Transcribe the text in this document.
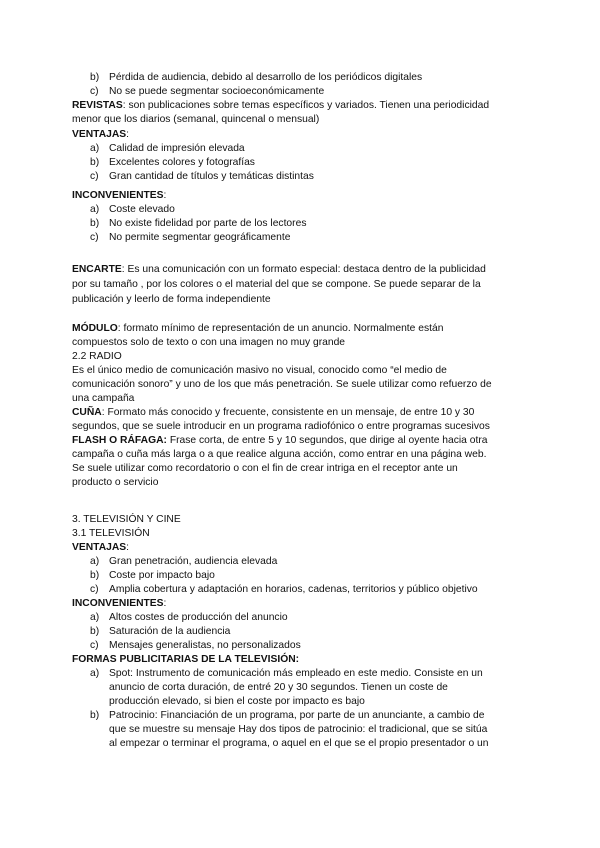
b) Pérdida de audiencia, debido al desarrollo de los periódicos digitales
c) No se puede segmentar socioeconómicamente
REVISTAS: son publicaciones sobre temas específicos y variados. Tienen una periodicidad
menor que los diarios (semanal, quincenal o mensual)
VENTAJAS:
a) Calidad de impresión elevada
b) Excelentes colores y fotografías
c) Gran cantidad de títulos y temáticas distintas
INCONVENIENTES:
a) Coste elevado
b) No existe fidelidad por parte de los lectores
c) No permite segmentar geográficamente
ENCARTE: Es una comunicación con un formato especial: destaca dentro de la publicidad
por su tamaño , por los colores o el material del que se compone. Se puede separar de la
publicación y leerlo de forma independiente
MÓDULO: formato mínimo de representación de un anuncio. Normalmente están
compuestos solo de texto o con una imagen no muy grande
2.2 RADIO
Es el único medio de comunicación masivo no visual, conocido como “el medio de
comunicación sonoro” y uno de los que más penetración. Se suele utilizar como refuerzo de
una campaña
CUÑA: Formato más conocido y frecuente, consistente en un mensaje, de entre 10 y 30
segundos, que se suele introducir en un programa radiofónico o entre programas sucesivos
FLASH O RÁFAGA: Frase corta, de entre 5 y 10 segundos, que dirige al oyente hacia otra
campaña o cuña más larga o a que realice alguna acción, como entrar en una página web.
Se suele utilizar como recordatorio o con el fin de crear intriga en el receptor ante un
producto o servicio
3. TELEVISIÓN Y CINE
3.1 TELEVISIÓN
VENTAJAS:
a) Gran penetración, audiencia elevada
b) Coste por impacto bajo
c) Amplia cobertura y adaptación en horarios, cadenas, territorios y público objetivo
INCONVENIENTES:
a) Altos costes de producción del anuncio
b) Saturación de la audiencia
c) Mensajes generalistas, no personalizados
FORMAS PUBLICITARIAS DE LA TELEVISIÓN:
a) Spot: Instrumento de comunicación más empleado en este medio. Consiste en un
anuncio de corta duración, de entré 20 y 30 segundos. Tienen un coste de
producción elevado, si bien el coste por impacto es bajo
b) Patrocinio: Financiación de un programa, por parte de un anunciante, a cambio de
que se muestre su mensaje Hay dos tipos de patrocinio: el tradicional, que se sitúa
al empezar o terminar el programa, o aquel en el que se el propio presentador o un
